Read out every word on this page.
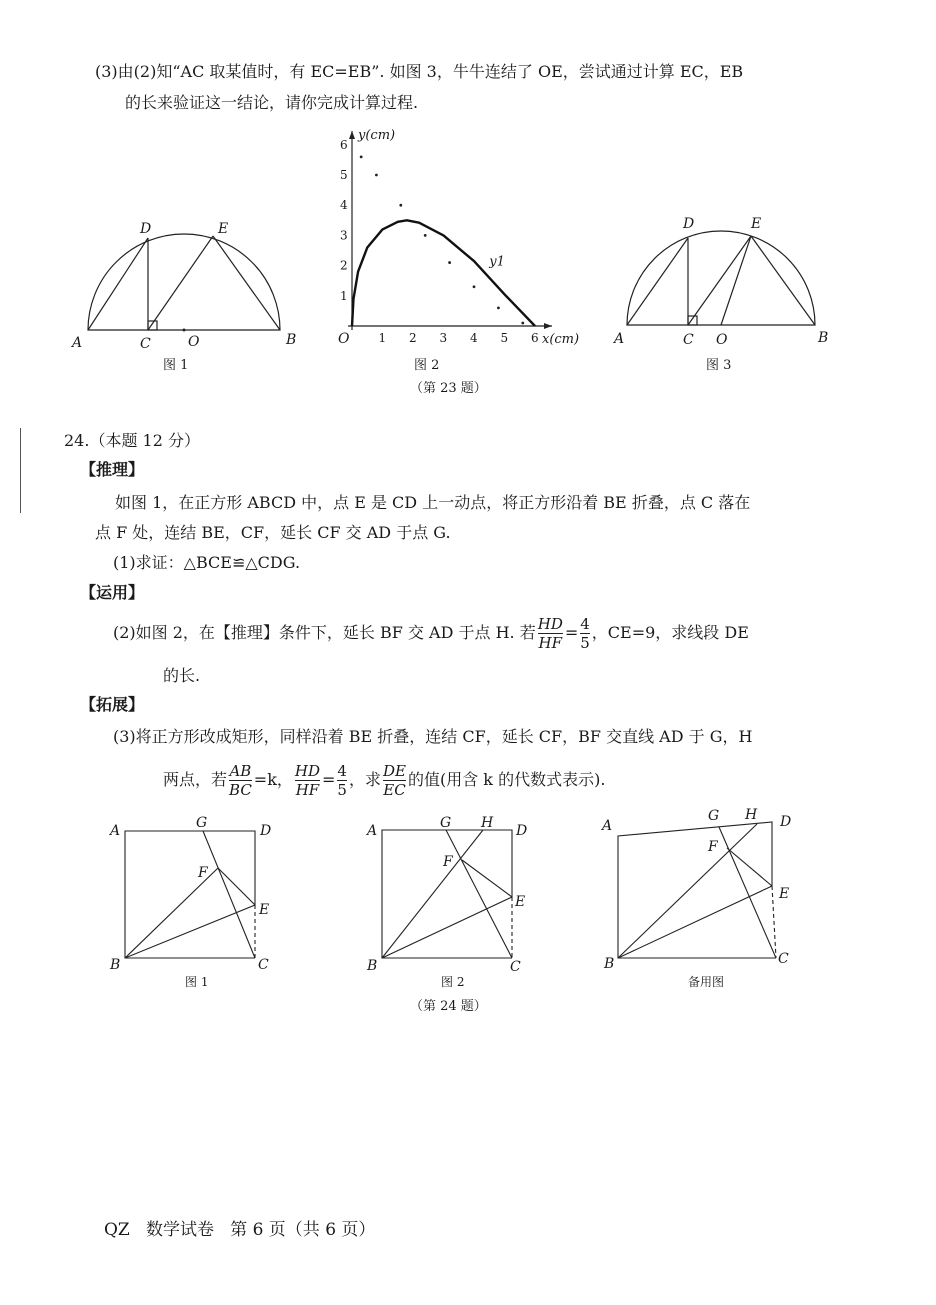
(3)由(2)知“AC 取某值时，有 EC=EB”. 如图 3，牛牛连结了 OE，尝试通过计算 EC，EB
的长来验证这一结论，请你完成计算过程.
A	C	O	B
D	E
图 1
1 2 3 4 5 6
1
2
3
4
5
6
O	x(cm)
y(cm)
y1
图 2
（第 23 题）
A	C O	B
D	E
图 3
A	G	D
F
E
B	C
图 1
A	G H D
F
E
B	C
图 2
A
G H D
F
E
B	C
备用图
（第 24 题）
24.（本题 12 分）
【推理】
如图 1，在正方形 ABCD 中，点 E 是 CD 上一动点，将正方形沿着 BE 折叠，点 C 落在
点 F 处，连结 BE，CF，延长 CF 交 AD 于点 G.
(1)求证：△BCE≌△CDG.
【运用】
(2)如图 2，在【推理】条件下，延长 BF 交 AD 于点 H. 若 $\frac{HD}{HF} = \frac{4}{5}$ ，CE=9，求线段 DE
的长.
【拓展】
(3)将正方形改成矩形，同样沿着 BE 折叠，连结 CF，延长 CF，BF 交直线 AD 于 G，H
两点，若 $\frac{AB}{BC} =k$， $\frac{HD}{HF} = \frac{4}{5}$ ，求 $\frac{DE}{EC}$ 的值(用含 k 的代数式表示).
QZ   数学试卷   第 6 页（共 6 页）
